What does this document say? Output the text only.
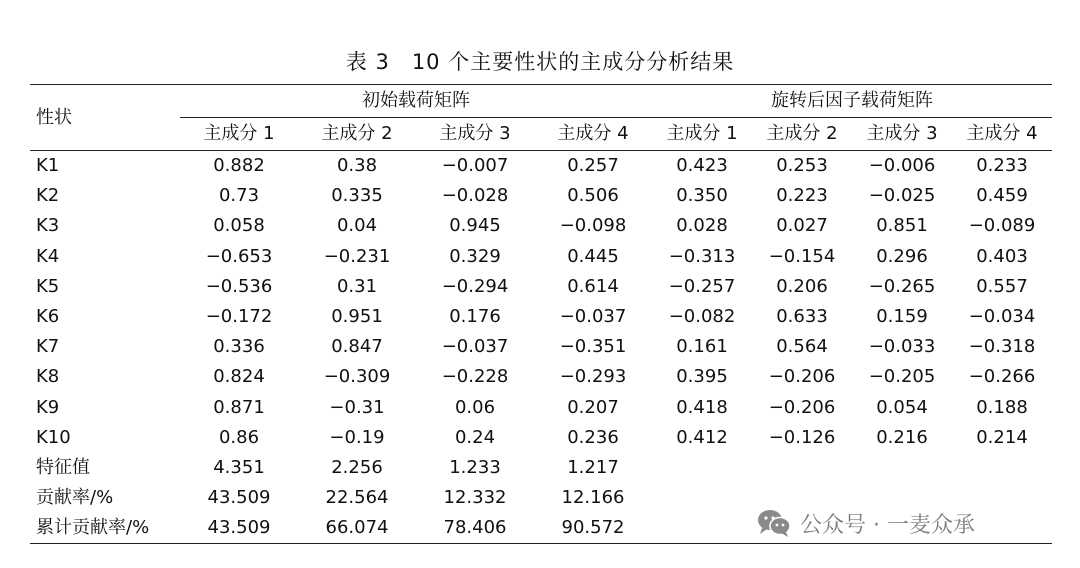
表 3　10 个主要性状的主成分分析结果
性状	初始载荷矩阵				旋转后因子载荷矩阵			
	主成分 1	主成分 2	主成分 3	主成分 4	主成分 1	主成分 2	主成分 3	主成分 4
K1	0.882	0.38	−0.007	0.257	0.423	0.253	−0.006	0.233
K2	0.73	0.335	−0.028	0.506	0.350	0.223	−0.025	0.459
K3	0.058	0.04	0.945	−0.098	0.028	0.027	0.851	−0.089
K4	−0.653	−0.231	0.329	0.445	−0.313	−0.154	0.296	0.403
K5	−0.536	0.31	−0.294	0.614	−0.257	0.206	−0.265	0.557
K6	−0.172	0.951	0.176	−0.037	−0.082	0.633	0.159	−0.034
K7	0.336	0.847	−0.037	−0.351	0.161	0.564	−0.033	−0.318
K8	0.824	−0.309	−0.228	−0.293	0.395	−0.206	−0.205	−0.266
K9	0.871	−0.31	0.06	0.207	0.418	−0.206	0.054	0.188
K10	0.86	−0.19	0.24	0.236	0.412	−0.126	0.216	0.214
特征值	4.351	2.256	1.233	1.217				
贡献率/%	43.509	22.564	12.332	12.166				
累计贡献率/%	43.509	66.074	78.406	90.572					公众号 · 一麦众承
